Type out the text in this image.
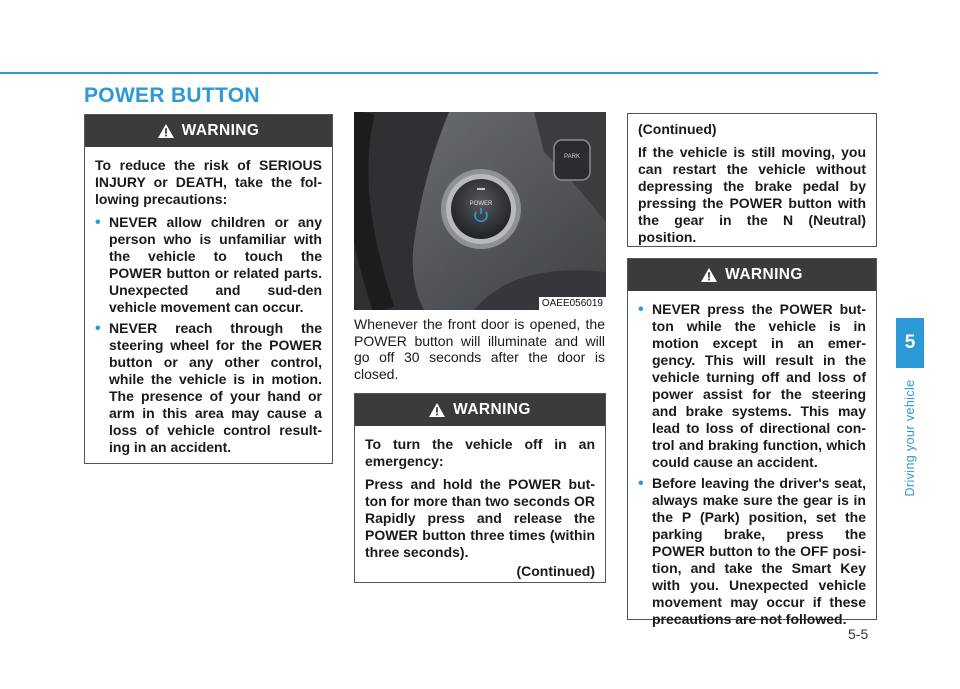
POWER BUTTON
5
Driving your vehicle
5-5
WARNING

To reduce the risk of SERIOUS INJURY or DEATH, take the fol-lowing precautions:

• NEVER allow children or any person who is unfamiliar with the vehicle to touch the POWER button or related parts. Unexpected and sud-den vehicle movement can occur.
• NEVER reach through the steering wheel for the POWER button or any other control, while the vehicle is in motion. The presence of your hand or arm in this area may cause a loss of vehicle control result-ing in an accident.
PARK
POWER
OAEE056019

Whenever the front door is opened, the POWER button will illuminate and will go off 30 seconds after the door is closed.

WARNING

To turn the vehicle off in an emergency:

Press and hold the POWER but-ton for more than two seconds OR Rapidly press and release the POWER button three times (within three seconds).

(Continued)

(Continued)

If the vehicle is still moving, you can restart the vehicle without depressing the brake pedal by pressing the POWER button with the gear in the N (Neutral) position.

WARNING
• NEVER press the POWER but-ton while the vehicle is in motion except in an emer-gency. This will result in the vehicle turning off and loss of power assist for the steering and brake systems. This may lead to loss of directional con-trol and braking function, which could cause an accident.
• Before leaving the driver's seat, always make sure the gear is in the P (Park) position, set the parking brake, press the POWER button to the OFF posi-tion, and take the Smart Key with you. Unexpected vehicle movement may occur if these precautions are not followed.
